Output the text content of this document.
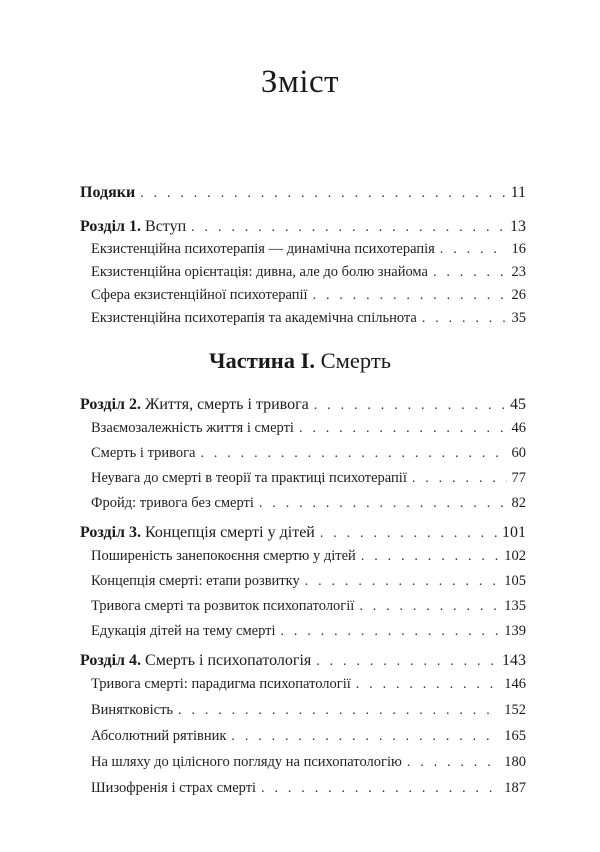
Зміст
Подяки . . .	11
Розділ 1. Вступ . . .	13
Екзистенційна психотерапія — динамічна психотерапія . . .	16
Екзистенційна орієнтація: дивна, але до болю знайома . . .	23
Сфера екзистенційної психотерапії . . .	26
Екзистенційна психотерапія та академічна спільнота . . .	35
Частина І. Смерть
Розділ 2. Життя, смерть і тривога . . .	45
Взаємозалежність життя і смерті . . .	46
Смерть і тривога . . .	60
Неувага до смерті в теорії та практиці психотерапії . . .	77
Фройд: тривога без смерті . . .	82
Розділ 3. Концепція смерті у дітей . . .	101
Поширеність занепокоєння смертю у дітей . . .	102
Концепція смерті: етапи розвитку . . .	105
Тривога смерті та розвиток психопатології . . .	135
Едукація дітей на тему смерті . . .	139
Розділ 4. Смерть і психопатологія . . .	143
Тривога смерті: парадигма психопатології . . .	146
Винятковість . . .	152
Абсолютний рятівник . . .	165
На шляху до цілісного погляду на психопатологію . . .	180
Шизофренія і страх смерті . . .	187
